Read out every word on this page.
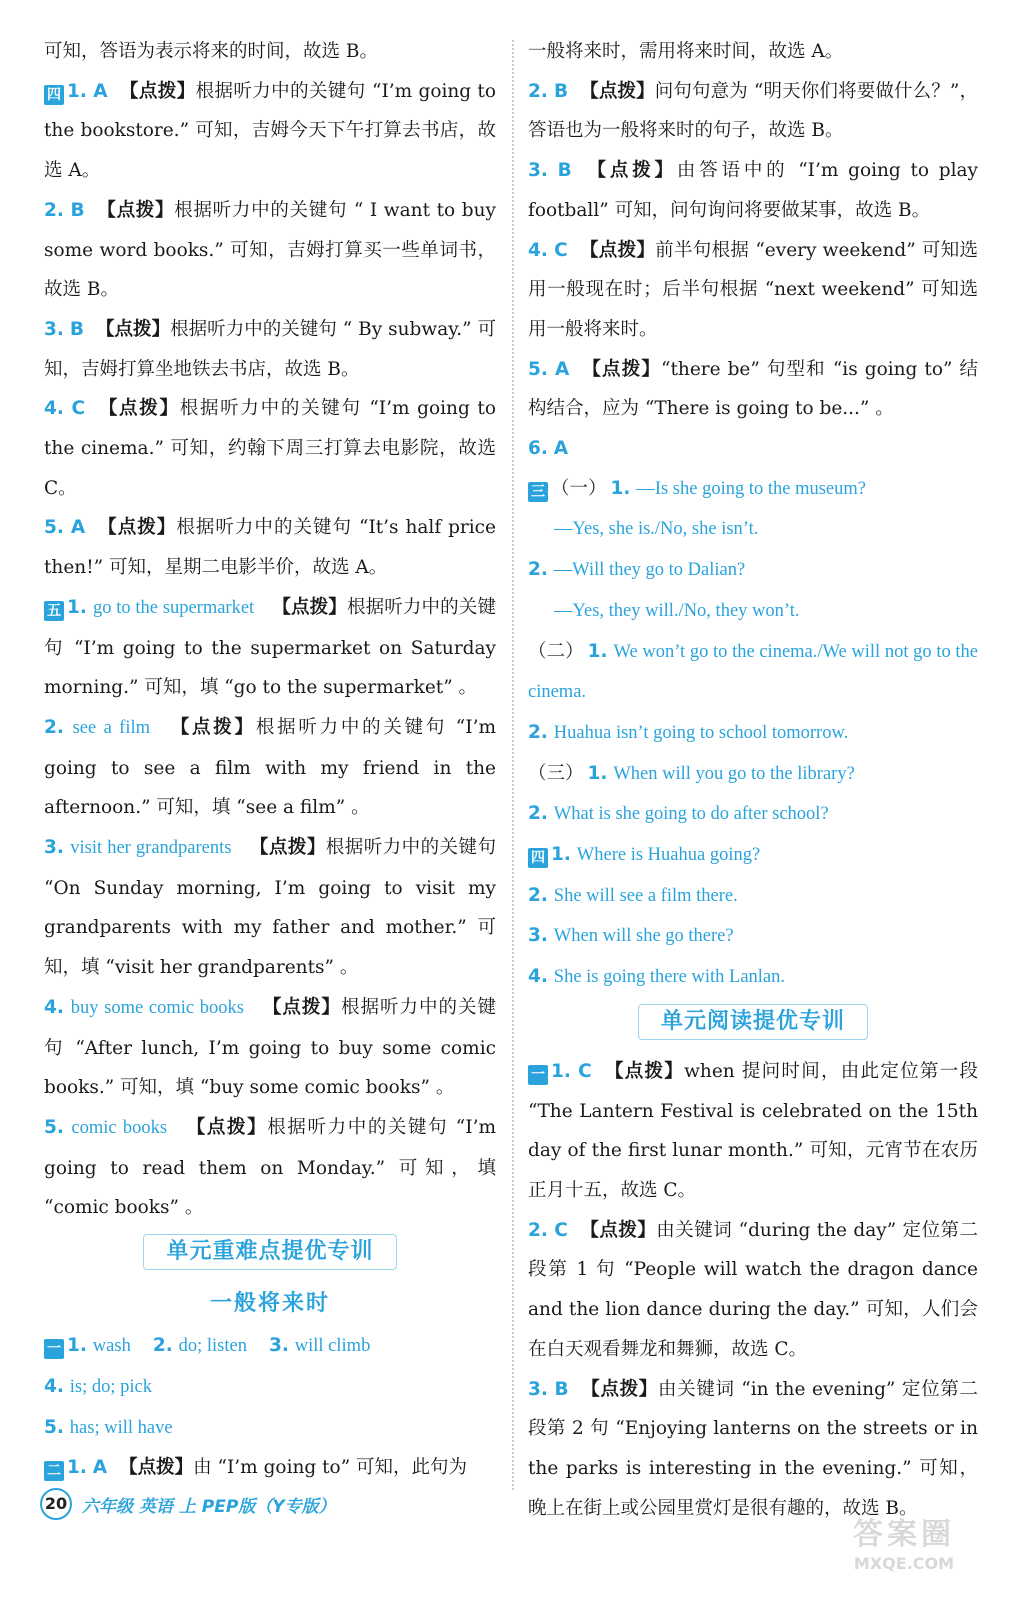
可知，答语为表示将来的时间，故选 B。
四 1. A 【点拨】根据听力中的关键句 “I’m going to the bookstore.” 可知，吉姆今天下午打算去书店，故选 A。
2. B 【点拨】根据听力中的关键句 “ I want to buy some word books.” 可知，吉姆打算买一些单词书，故选 B。
3. B 【点拨】根据听力中的关键句 “ By subway.” 可知，吉姆打算坐地铁去书店，故选 B。
4. C 【点拨】根据听力中的关键句 “I’m going to the cinema.” 可知，约翰下周三打算去电影院，故选 C。
5. A 【点拨】根据听力中的关键句 “It’s half price then!” 可知，星期二电影半价，故选 A。
五 1. go to the supermarket 【点拨】根据听力中的关键句 “I’m going to the supermarket on Saturday morning.” 可知，填 “go to the supermarket” 。
2. see a film 【点拨】根据听力中的关键句 “I’m going to see a film with my friend in the afternoon.” 可知，填 “see a film” 。
3. visit her grandparents 【点拨】根据听力中的关键句 “On Sunday morning, I’m going to visit my grandparents with my father and mother.” 可知，填 “visit her grandparents” 。
4. buy some comic books 【点拨】根据听力中的关键句 “After lunch, I’m going to buy some comic books.” 可知，填 “buy some comic books” 。
5. comic books 【点拨】根据听力中的关键句 “I’m going to read them on Monday.” 可知，填 “comic books” 。
单元重难点提优专训
一般将来时
一 1. wash 2. do; listen 3. will climb
4. is; do; pick
5. has; will have
二 1. A 【点拨】由 “I’m going to” 可知，此句为
一般将来时，需用将来时间，故选 A。
2. B 【点拨】问句句意为 “明天你们将要做什么？”，答语也为一般将来时的句子，故选 B。
3. B 【点拨】由答语中的 “I’m going to play football” 可知，问句询问将要做某事，故选 B。
4. C 【点拨】前半句根据 “every weekend” 可知选用一般现在时；后半句根据 “next weekend” 可知选用一般将来时。
5. A 【点拨】“there be” 句型和 “is going to” 结构结合，应为 “There is going to be...” 。
6. A
三 （一） 1. —Is she going to the museum?
—Yes, she is./No, she isn’t.
2. —Will they go to Dalian?
—Yes, they will./No, they won’t.
（二） 1. We won’t go to the cinema./We will not go to the cinema.
2. Huahua isn’t going to school tomorrow.
（三） 1. When will you go to the library?
2. What is she going to do after school?
四 1. Where is Huahua going?
2. She will see a film there.
3. When will she go there?
4. She is going there with Lanlan.
单元阅读提优专训
一 1. C 【点拨】when 提问时间，由此定位第一段 “The Lantern Festival is celebrated on the 15th day of the first lunar month.” 可知，元宵节在农历正月十五，故选 C。
2. C 【点拨】由关键词 “during the day” 定位第二段第 1 句 “People will watch the dragon dance and the lion dance during the day.” 可知，人们会在白天观看舞龙和舞狮，故选 C。
3. B 【点拨】由关键词 “in the evening” 定位第二段第 2 句 “Enjoying lanterns on the streets or in the parks is interesting in the evening.” 可知，晚上在街上或公园里赏灯是很有趣的，故选 B。
20 六年级 英语 上 PEP版（Y专版）
答案圈
MXQE.COM
